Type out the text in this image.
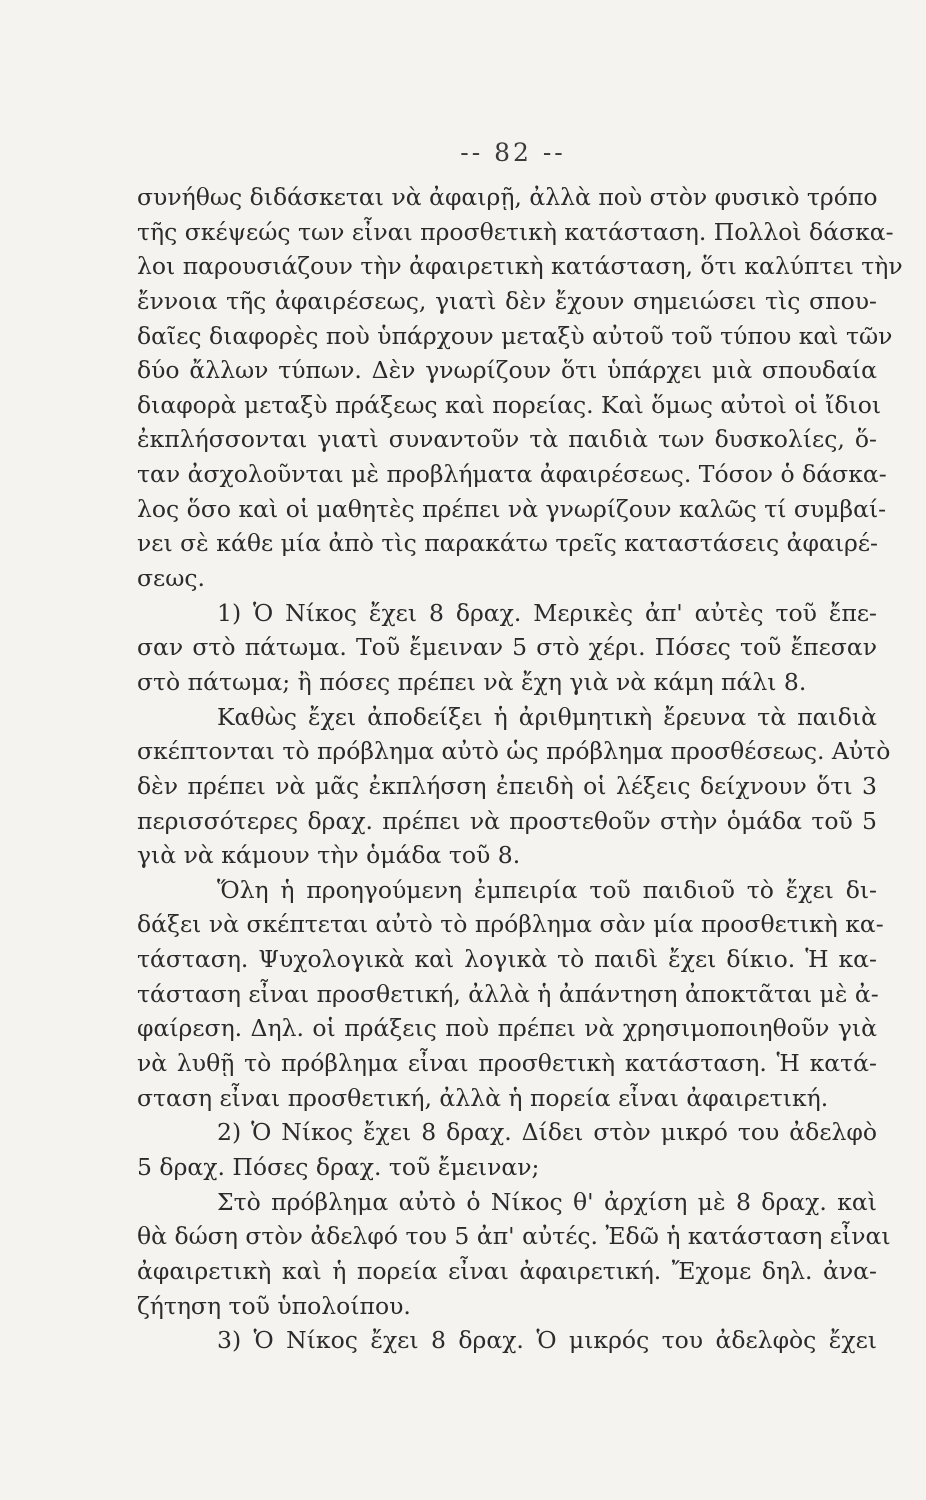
-- 82 --
συνήθως διδάσκεται νὰ ἀφαιρῇ, ἀλλὰ ποὺ στὸν φυσικὸ τρόπο
τῆς σκέψεώς των εἶναι προσθετικὴ κατάσταση. Πολλοὶ δάσκα-
λοι παρουσιάζουν τὴν ἀφαιρετικὴ κατάσταση, ὅτι καλύπτει τὴν
ἔννοια τῆς ἀφαιρέσεως, γιατὶ δὲν ἔχουν σημειώσει τὶς σπου-
δαῖες διαφορὲς ποὺ ὑπάρχουν μεταξὺ αὐτοῦ τοῦ τύπου καὶ τῶν
δύο ἄλλων τύπων. Δὲν γνωρίζουν ὅτι ὑπάρχει μιὰ σπουδαία
διαφορὰ μεταξὺ πράξεως καὶ πορείας. Καὶ ὅμως αὐτοὶ οἱ ἴδιοι
ἐκπλήσσονται γιατὶ συναντοῦν τὰ παιδιὰ των δυσκολίες, ὅ-
ταν ἀσχολοῦνται μὲ προβλήματα ἀφαιρέσεως. Τόσον ὁ δάσκα-
λος ὅσο καὶ οἱ μαθητὲς πρέπει νὰ γνωρίζουν καλῶς τί συμβαί-
νει σὲ κάθε μία ἀπὸ τὶς παρακάτω τρεῖς καταστάσεις ἀφαιρέ-
σεως.
1) Ὁ Νίκος ἔχει 8 δραχ. Μερικὲς ἀπ' αὐτὲς τοῦ ἔπε-
σαν στὸ πάτωμα. Τοῦ ἔμειναν 5 στὸ χέρι. Πόσες τοῦ ἔπεσαν
στὸ πάτωμα; ἢ πόσες πρέπει νὰ ἔχη γιὰ νὰ κάμη πάλι 8.
Καθὼς ἔχει ἀποδείξει ἡ ἀριθμητικὴ ἔρευνα τὰ παιδιὰ
σκέπτονται τὸ πρόβλημα αὐτὸ ὡς πρόβλημα προσθέσεως. Αὐτὸ
δὲν πρέπει νὰ μᾶς ἐκπλήσση ἐπειδὴ οἱ λέξεις δείχνουν ὅτι 3
περισσότερες δραχ. πρέπει νὰ προστεθοῦν στὴν ὁμάδα τοῦ 5
γιὰ νὰ κάμουν τὴν ὁμάδα τοῦ 8.
Ὅλη ἡ προηγούμενη ἐμπειρία τοῦ παιδιοῦ τὸ ἔχει δι-
δάξει νὰ σκέπτεται αὐτὸ τὸ πρόβλημα σὰν μία προσθετικὴ κα-
τάσταση. Ψυχολογικὰ καὶ λογικὰ τὸ παιδὶ ἔχει δίκιο. Ἡ κα-
τάσταση εἶναι προσθετική, ἀλλὰ ἡ ἀπάντηση ἀποκτᾶται μὲ ἀ-
φαίρεση. Δηλ. οἱ πράξεις ποὺ πρέπει νὰ χρησιμοποιηθοῦν γιὰ
νὰ λυθῇ τὸ πρόβλημα εἶναι προσθετικὴ κατάσταση. Ἡ κατά-
σταση εἶναι προσθετική, ἀλλὰ ἡ πορεία εἶναι ἀφαιρετική.
2) Ὁ Νίκος ἔχει 8 δραχ. Δίδει στὸν μικρό του ἀδελφὸ
5 δραχ. Πόσες δραχ. τοῦ ἔμειναν;
Στὸ πρόβλημα αὐτὸ ὁ Νίκος θ' ἀρχίση μὲ 8 δραχ. καὶ
θὰ δώση στὸν ἀδελφό του 5 ἀπ' αὐτές. Ἐδῶ ἡ κατάσταση εἶναι
ἀφαιρετικὴ καὶ ἡ πορεία εἶναι ἀφαιρετική. Ἔχομε δηλ. ἀνα-
ζήτηση τοῦ ὑπολοίπου.
3) Ὁ Νίκος ἔχει 8 δραχ. Ὁ μικρός του ἀδελφὸς ἔχει
